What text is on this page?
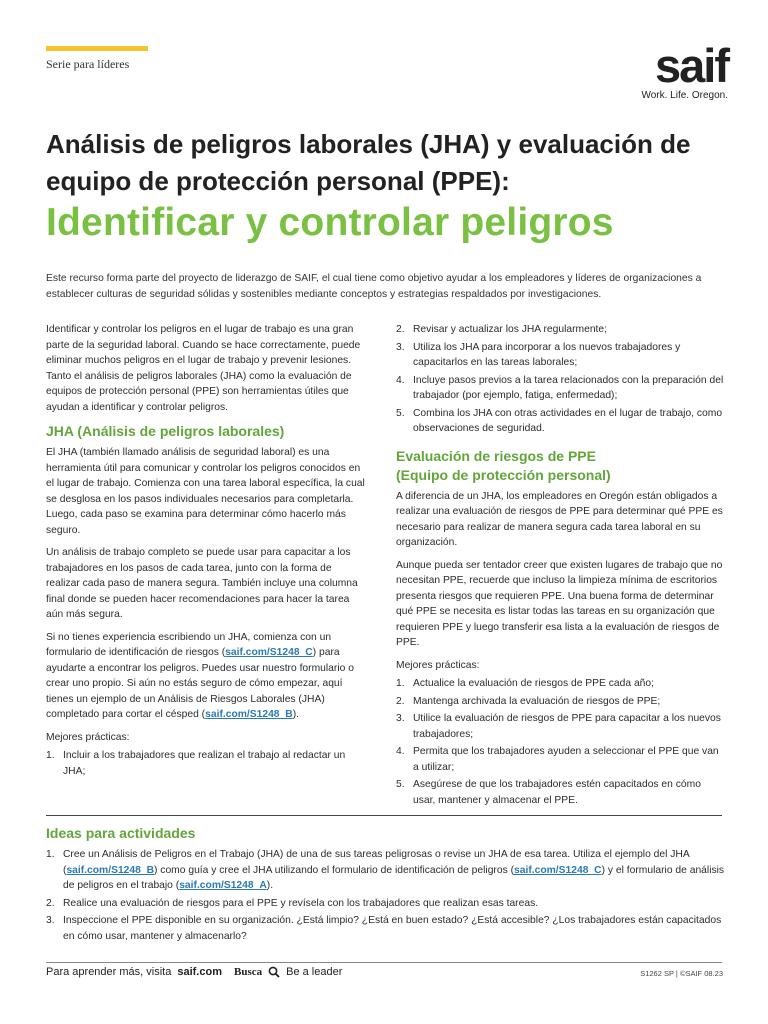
Serie para líderes	saif
Work. Life. Oregon.
Análisis de peligros laborales (JHA) y evaluación de equipo de protección personal (PPE):
Identificar y controlar peligros
Este recurso forma parte del proyecto de liderazgo de SAIF, el cual tiene como objetivo ayudar a los empleadores y líderes de organizaciones a establecer culturas de seguridad sólidas y sostenibles mediante conceptos y estrategias respaldados por investigaciones.

Identificar y controlar los peligros en el lugar de trabajo es una gran parte de la seguridad laboral. Cuando se hace correctamente, puede eliminar muchos peligros en el lugar de trabajo y prevenir lesiones. Tanto el análisis de peligros laborales (JHA) como la evaluación de equipos de protección personal (PPE) son herramientas útiles que ayudan a identificar y controlar peligros.

JHA (Análisis de peligros laborales)

El JHA (también llamado análisis de seguridad laboral) es una herramienta útil para comunicar y controlar los peligros conocidos en el lugar de trabajo. Comienza con una tarea laboral específica, la cual se desglosa en los pasos individuales necesarios para completarla. Luego, cada paso se examina para determinar cómo hacerlo más seguro.

Un análisis de trabajo completo se puede usar para capacitar a los trabajadores en los pasos de cada tarea, junto con la forma de realizar cada paso de manera segura. También incluye una columna final donde se pueden hacer recomendaciones para hacer la tarea aún más segura.

Si no tienes experiencia escribiendo un JHA, comienza con un formulario de identificación de riesgos (saif.com/S1248_C) para ayudarte a encontrar los peligros. Puedes usar nuestro formulario o crear uno propio. Si aún no estás seguro de cómo empezar, aquí tienes un ejemplo de un Análisis de Riesgos Laborales (JHA) completado para cortar el césped (saif.com/S1248_B).

Mejores prácticas:

1. Incluir a los trabajadores que realizan el trabajo al redactar un JHA;
2. Revisar y actualizar los JHA regularmente;
3. Utiliza los JHA para incorporar a los nuevos trabajadores y capacitarlos en las tareas laborales;
4. Incluye pasos previos a la tarea relacionados con la preparación del trabajador (por ejemplo, fatiga, enfermedad);
5. Combina los JHA con otras actividades en el lugar de trabajo, como observaciones de seguridad.
Evaluación de riesgos de PPE
(Equipo de protección personal)

A diferencia de un JHA, los empleadores en Oregón están obligados a realizar una evaluación de riesgos de PPE para determinar qué PPE es necesario para realizar de manera segura cada tarea laboral en su organización.

Aunque pueda ser tentador creer que existen lugares de trabajo que no necesitan PPE, recuerde que incluso la limpieza mínima de escritorios presenta riesgos que requieren PPE. Una buena forma de determinar qué PPE se necesita es listar todas las tareas en su organización que requieren PPE y luego transferir esa lista a la evaluación de riesgos de PPE.

Mejores prácticas:

1. Actualice la evaluación de riesgos de PPE cada año;
2. Mantenga archivada la evaluación de riesgos de PPE;
3. Utilice la evaluación de riesgos de PPE para capacitar a los nuevos trabajadores;
4. Permita que los trabajadores ayuden a seleccionar el PPE que van a utilizar;
5. Asegúrese de que los trabajadores estén capacitados en cómo usar, mantener y almacenar el PPE.
Ideas para actividades
1. Cree un Análisis de Peligros en el Trabajo (JHA) de una de sus tareas peligrosas o revise un JHA de esa tarea. Utiliza el ejemplo del JHA (saif.com/S1248_B) como guía y cree el JHA utilizando el formulario de identificación de peligros (saif.com/S1248_C) y el formulario de análisis de peligros en el trabajo (saif.com/S1248_A).
2. Realice una evaluación de riesgos para el PPE y revísela con los trabajadores que realizan esas tareas.
3. Inspeccione el PPE disponible en su organización. ¿Está limpio? ¿Está en buen estado? ¿Está accesible? ¿Los trabajadores están capacitados en cómo usar, mantener y almacenarlo?
Para aprender más, visita saif.com Busca Be a leader	S1262 SP | ©SAIF 08.23
